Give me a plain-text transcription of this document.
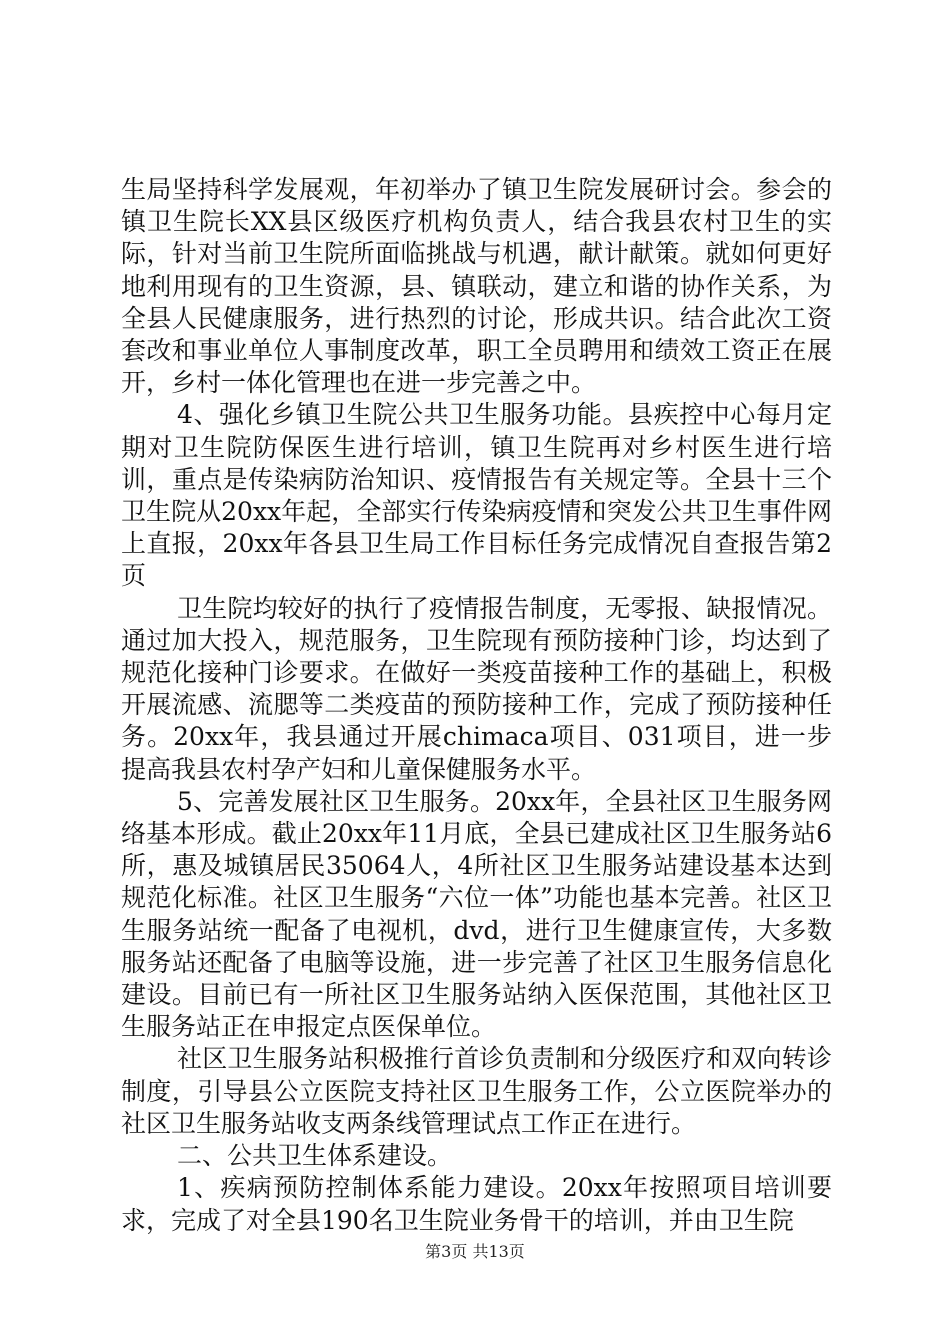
生局坚持科学发展观，年初举办了镇卫生院发展研讨会。参会的镇卫生院长XX县区级医疗机构负责人，结合我县农村卫生的实际，针对当前卫生院所面临挑战与机遇，献计献策。就如何更好地利用现有的卫生资源，县、镇联动，建立和谐的协作关系，为全县人民健康服务，进行热烈的讨论，形成共识。结合此次工资套改和事业单位人事制度改革，职工全员聘用和绩效工资正在展开，乡村一体化管理也在进一步完善之中。

4、强化乡镇卫生院公共卫生服务功能。县疾控中心每月定期对卫生院防保医生进行培训，镇卫生院再对乡村医生进行培训，重点是传染病防治知识、疫情报告有关规定等。全县十三个卫生院从20xx年起，全部实行传染病疫情和突发公共卫生事件网上直报，20xx年各县卫生局工作目标任务完成情况自查报告第2页

卫生院均较好的执行了疫情报告制度，无零报、缺报情况。通过加大投入，规范服务，卫生院现有预防接种门诊，均达到了规范化接种门诊要求。在做好一类疫苗接种工作的基础上，积极开展流感、流腮等二类疫苗的预防接种工作，完成了预防接种任务。20xx年，我县通过开展chimaca项目、031项目，进一步提高我县农村孕产妇和儿童保健服务水平。

5、完善发展社区卫生服务。20xx年，全县社区卫生服务网络基本形成。截止20xx年11月底，全县已建成社区卫生服务站6所，惠及城镇居民35064人，4所社区卫生服务站建设基本达到规范化标准。社区卫生服务“六位一体”功能也基本完善。社区卫生服务站统一配备了电视机，dvd，进行卫生健康宣传，大多数服务站还配备了电脑等设施，进一步完善了社区卫生服务信息化建设。目前已有一所社区卫生服务站纳入医保范围，其他社区卫生服务站正在申报定点医保单位。

社区卫生服务站积极推行首诊负责制和分级医疗和双向转诊制度，引导县公立医院支持社区卫生服务工作，公立医院举办的社区卫生服务站收支两条线管理试点工作正在进行。

二、公共卫生体系建设。

1、疾病预防控制体系能力建设。20xx年按照项目培训要求，完成了对全县190名卫生院业务骨干的培训，并由卫生院

第3页 共13页
